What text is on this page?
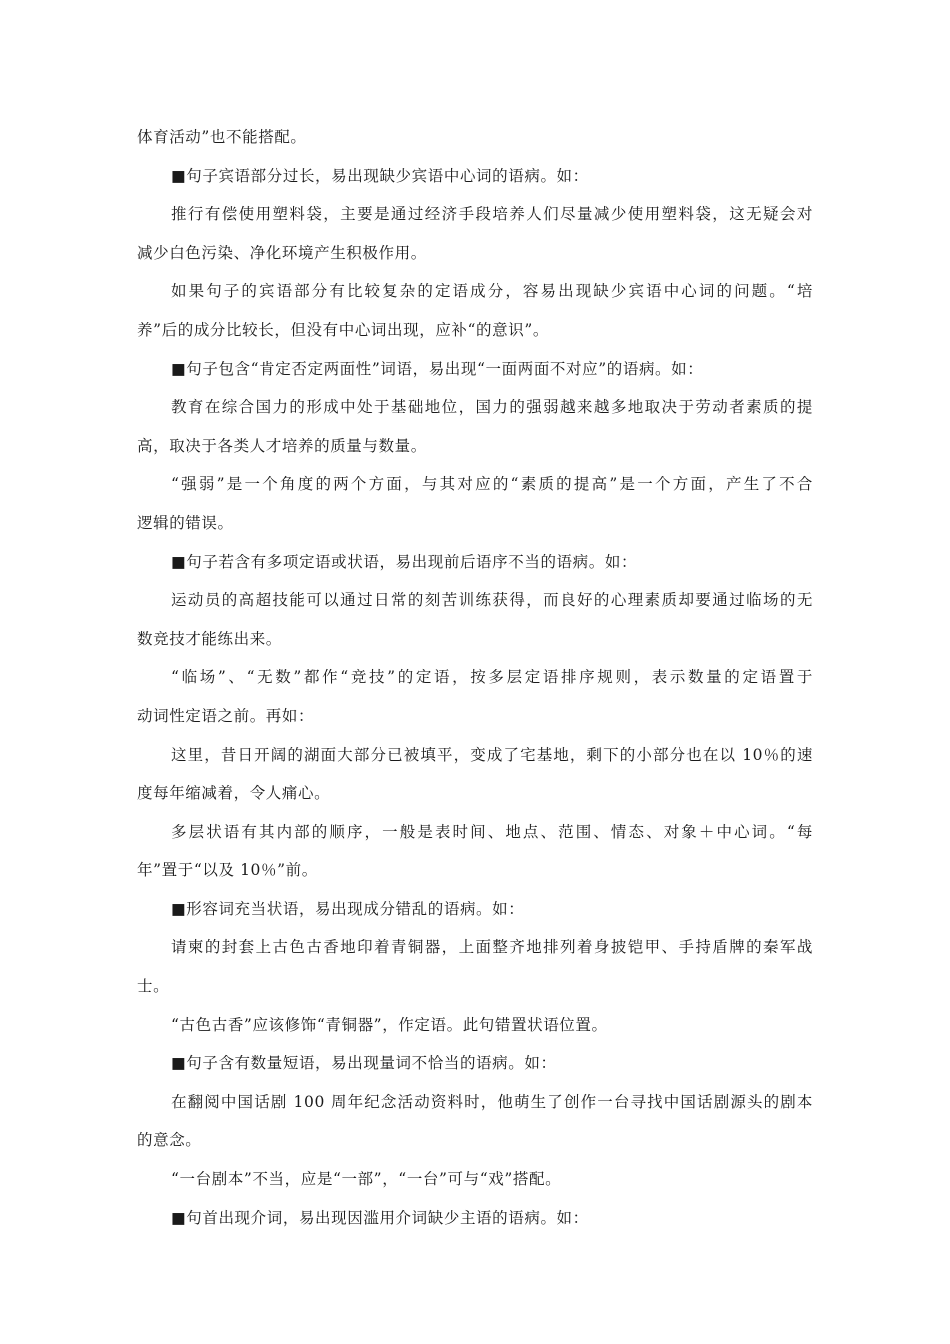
体育活动”也不能搭配。
■句子宾语部分过长，易出现缺少宾语中心词的语病。如：
推行有偿使用塑料袋，主要是通过经济手段培养人们尽量减少使用塑料袋，这无疑会对
减少白色污染、净化环境产生积极作用。
如果句子的宾语部分有比较复杂的定语成分，容易出现缺少宾语中心词的问题。“培
养”后的成分比较长，但没有中心词出现，应补“的意识”。
■句子包含“肯定否定两面性”词语，易出现“一面两面不对应”的语病。如：
教育在综合国力的形成中处于基础地位，国力的强弱越来越多地取决于劳动者素质的提
高，取决于各类人才培养的质量与数量。
“强弱”是一个角度的两个方面，与其对应的“素质的提高”是一个方面，产生了不合
逻辑的错误。
■句子若含有多项定语或状语，易出现前后语序不当的语病。如：
运动员的高超技能可以通过日常的刻苦训练获得，而良好的心理素质却要通过临场的无
数竞技才能练出来。
“临场”、“无数”都作“竞技”的定语，按多层定语排序规则，表示数量的定语置于
动词性定语之前。再如：
这里，昔日开阔的湖面大部分已被填平，变成了宅基地，剩下的小部分也在以 10％的速
度每年缩减着，令人痛心。
多层状语有其内部的顺序，一般是表时间、地点、范围、情态、对象＋中心词。“每
年”置于“以及 10％”前。
■形容词充当状语，易出现成分错乱的语病。如：
请柬的封套上古色古香地印着青铜器，上面整齐地排列着身披铠甲、手持盾牌的秦军战
士。
“古色古香”应该修饰“青铜器”，作定语。此句错置状语位置。
■句子含有数量短语，易出现量词不恰当的语病。如：
在翻阅中国话剧 100 周年纪念活动资料时，他萌生了创作一台寻找中国话剧源头的剧本
的意念。
“一台剧本”不当，应是“一部”，“一台”可与“戏”搭配。
■句首出现介词，易出现因滥用介词缺少主语的语病。如：
